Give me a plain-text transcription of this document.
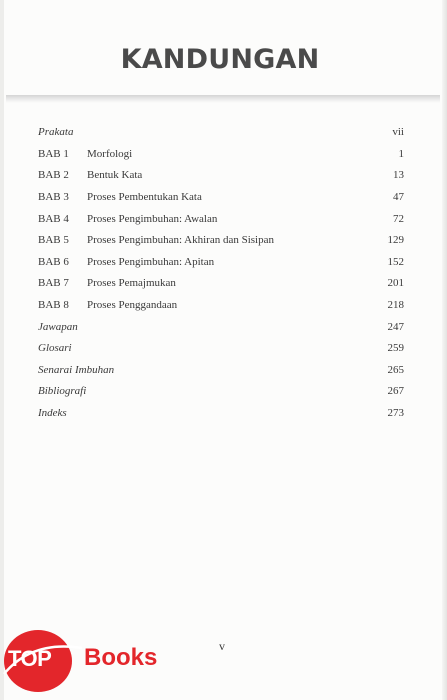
KANDUNGAN
Prakata	vii
BAB 1 Morfologi	1
BAB 2 Bentuk Kata	13
BAB 3 Proses Pembentukan Kata	47
BAB 4 Proses Pengimbuhan: Awalan	72
BAB 5 Proses Pengimbuhan: Akhiran dan Sisipan	129
BAB 6 Proses Pengimbuhan: Apitan	152
BAB 7 Proses Pemajmukan	201
BAB 8 Proses Penggandaan	218
Jawapan	247
Glosari	259
Senarai Imbuhan	265
Bibliografi	267
Indeks	273
v
TOP Books
